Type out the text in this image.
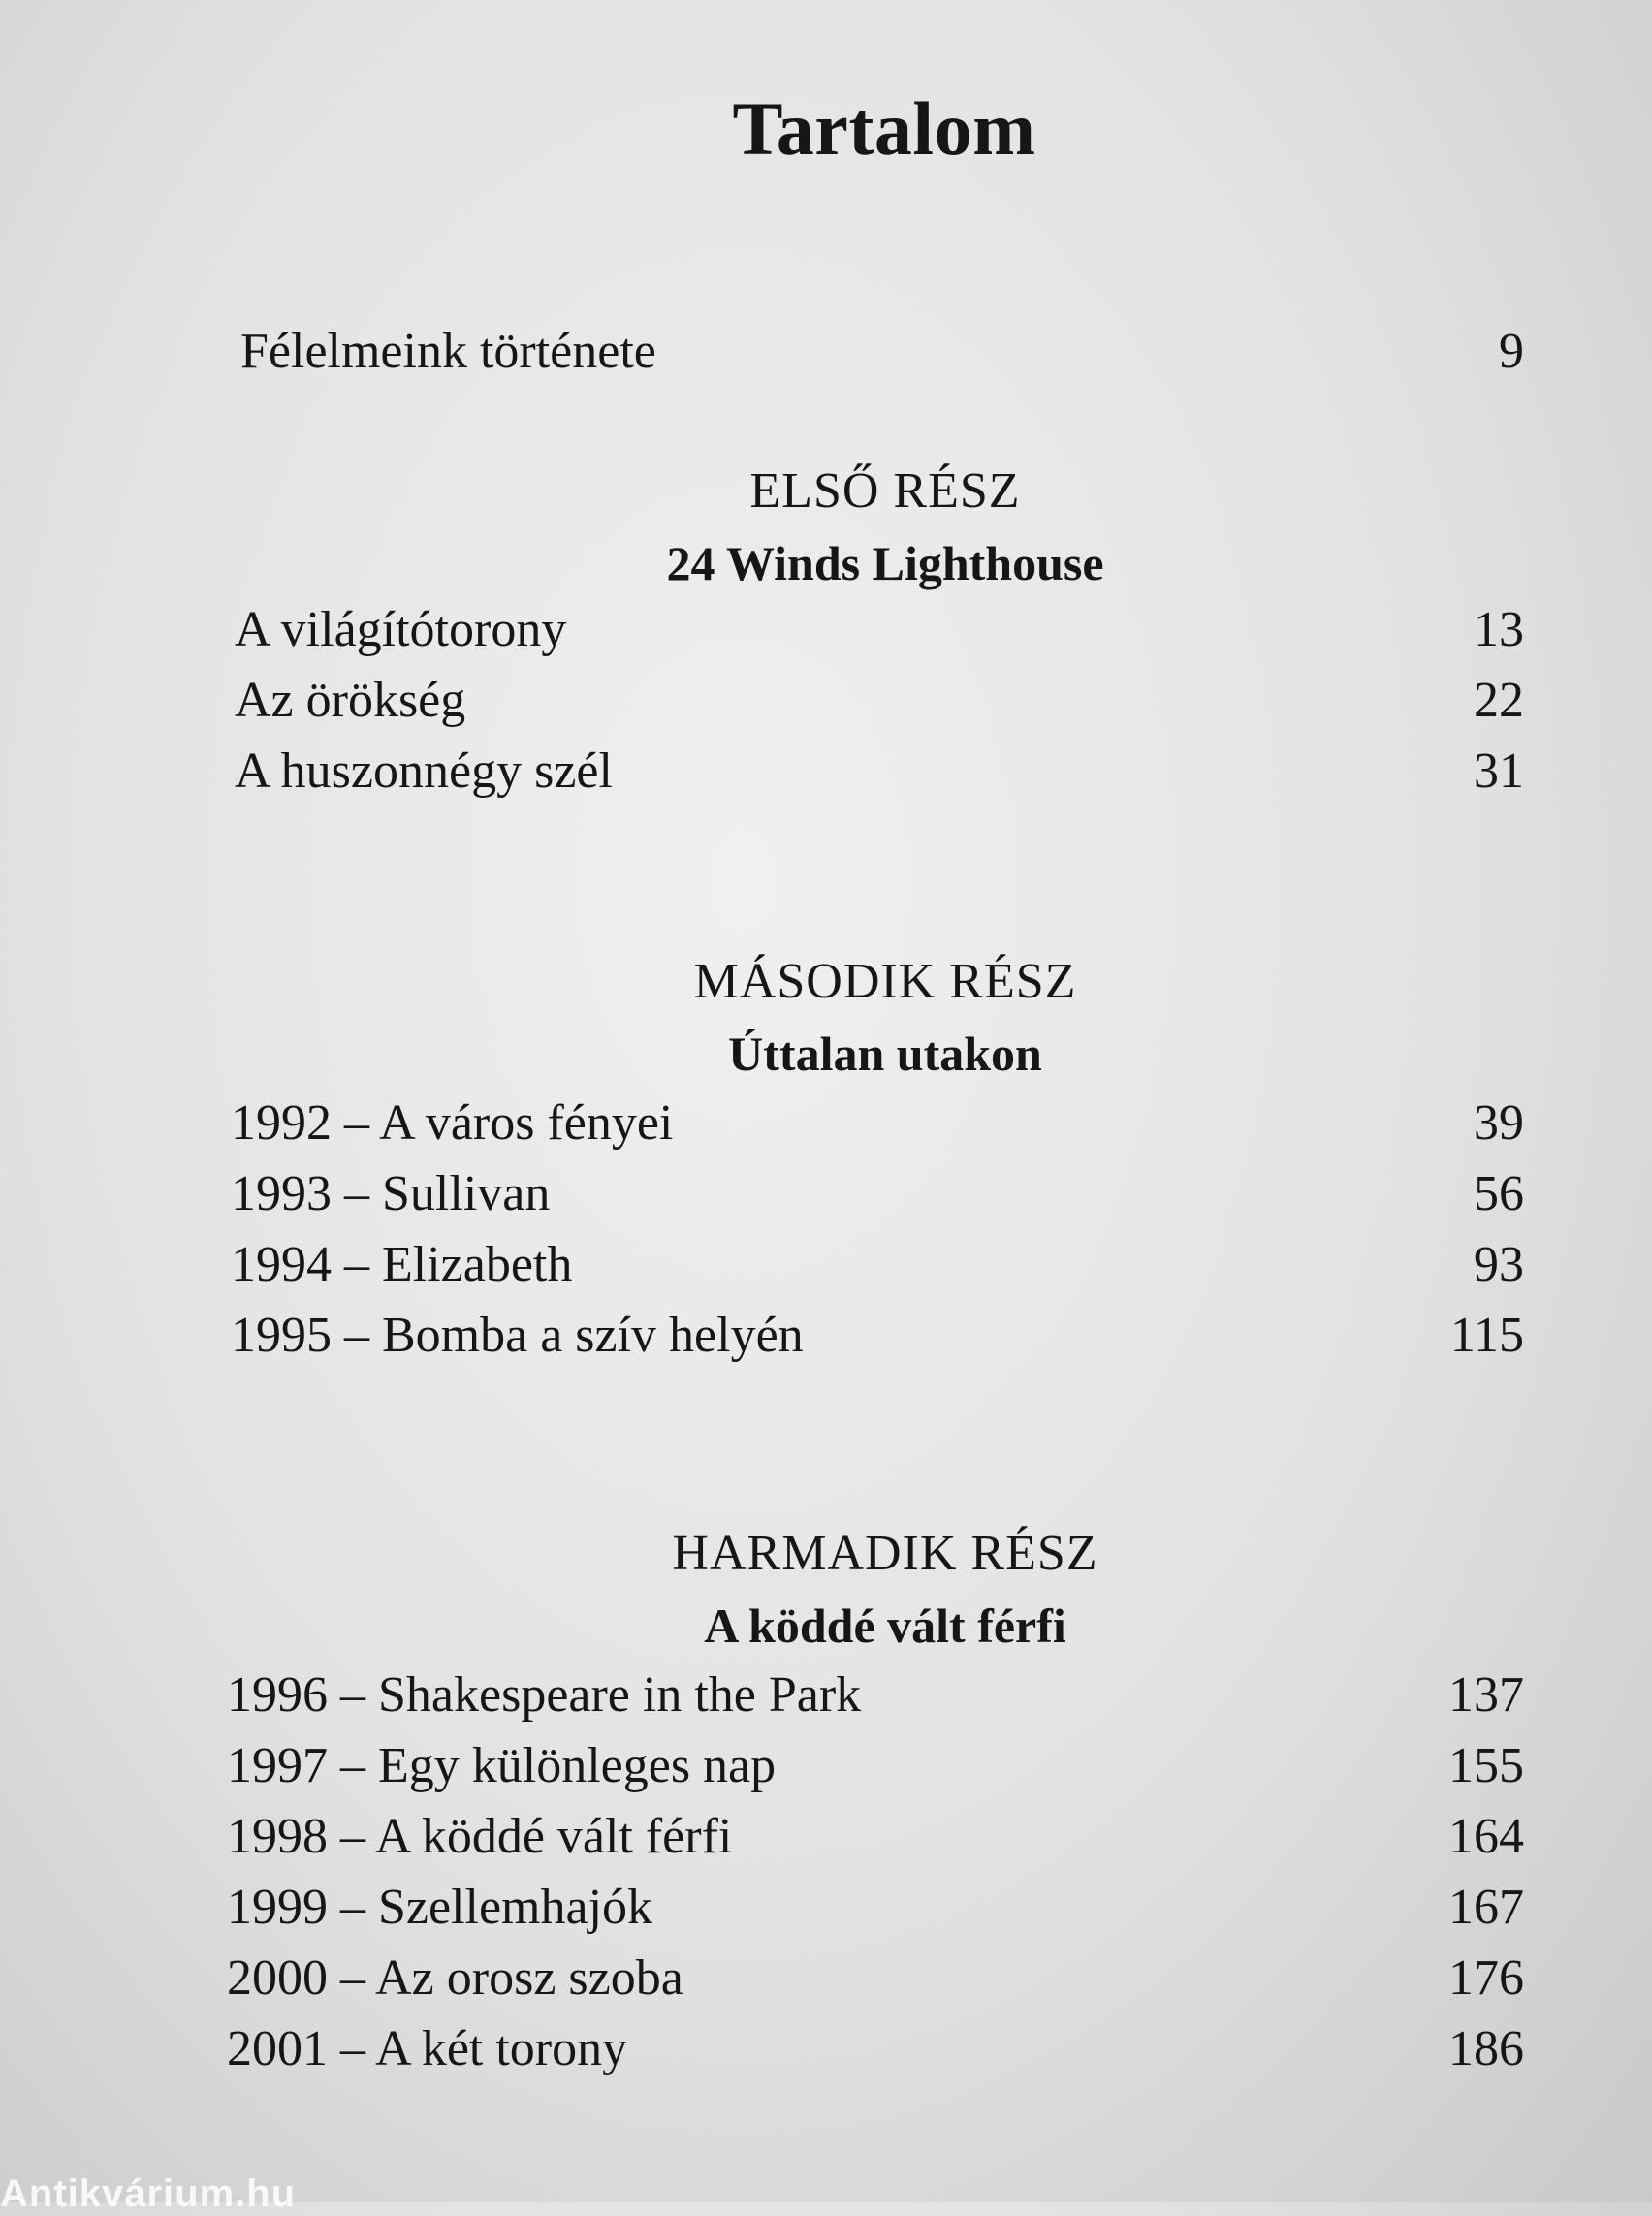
Tartalom
Félelmeink története	9
ELSŐ RÉSZ
24 Winds Lighthouse
A világítótorony	13
Az örökség	22
A huszonnégy szél	31
MÁSODIK RÉSZ
Úttalan utakon
1992 – A város fényei	39
1993 – Sullivan	56
1994 – Elizabeth	93
1995 – Bomba a szív helyén	115
HARMADIK RÉSZ
A köddé vált férfi
1996 – Shakespeare in the Park	137
1997 – Egy különleges nap	155
1998 – A köddé vált férfi	164
1999 – Szellemhajók	167
2000 – Az orosz szoba	176
2001 – A két torony	186
Antikvárium.hu
